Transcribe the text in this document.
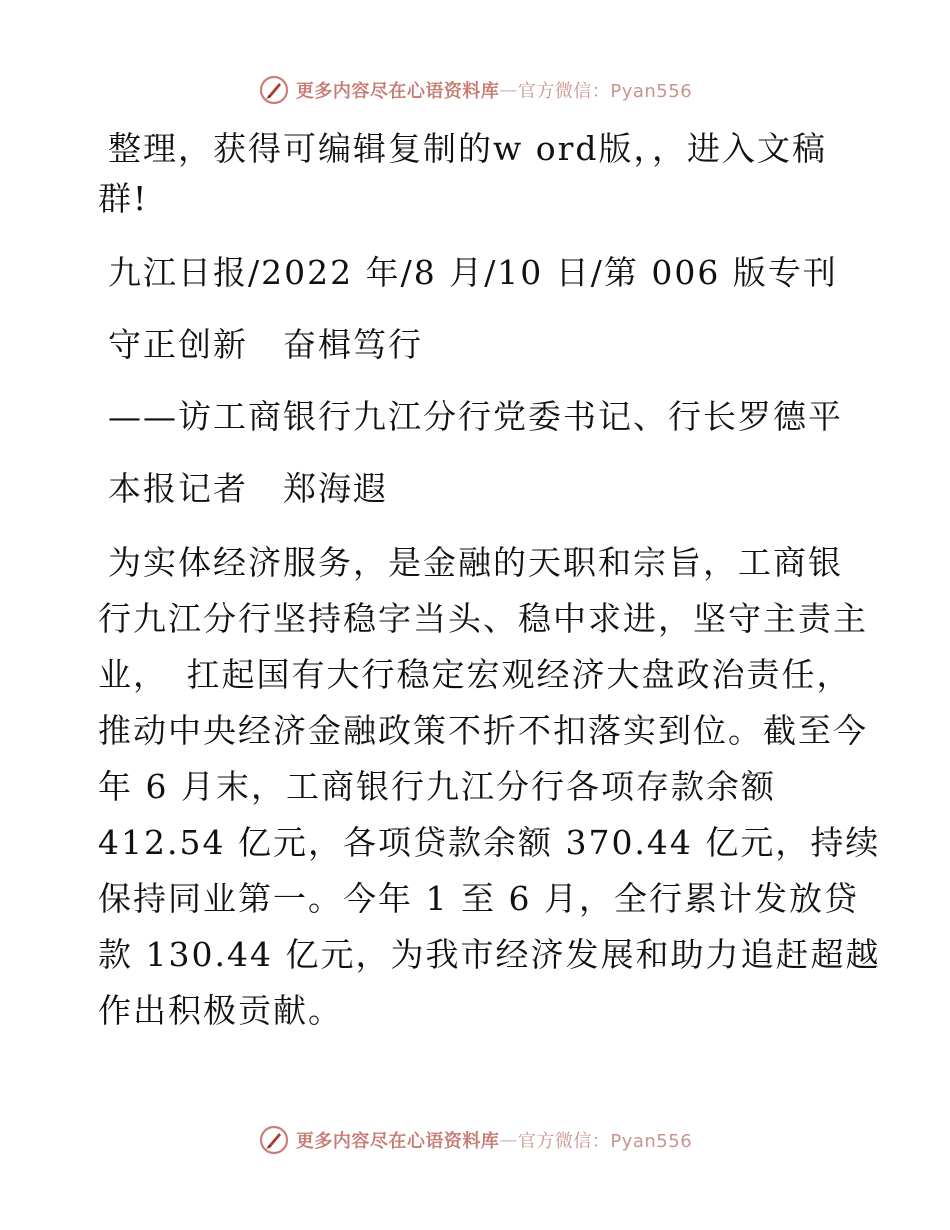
更多内容尽在心语资料库 — 官方微信：Pyan556
整理，获得可编辑复制的w ord版，，进入文稿
群!
九江日报/2022 年/8 月/10 日/第 006 版专刊
守正创新　奋楫笃行
——访工商银行九江分行党委书记、行长罗德平
本报记者　郑海遐
为实体经济服务，是金融的天职和宗旨，工商银
行九江分行坚持稳字当头、稳中求进，坚守主责主
业，　扛起国有大行稳定宏观经济大盘政治责任，
推动中央经济金融政策不折不扣落实到位。截至今
年 6 月末，工商银行九江分行各项存款余额
412.54 亿元，各项贷款余额 370.44 亿元，持续
保持同业第一。今年 1 至 6 月，全行累计发放贷
款 130.44 亿元，为我市经济发展和助力追赶超越
作出积极贡献。
更多内容尽在心语资料库 — 官方微信：Pyan556
